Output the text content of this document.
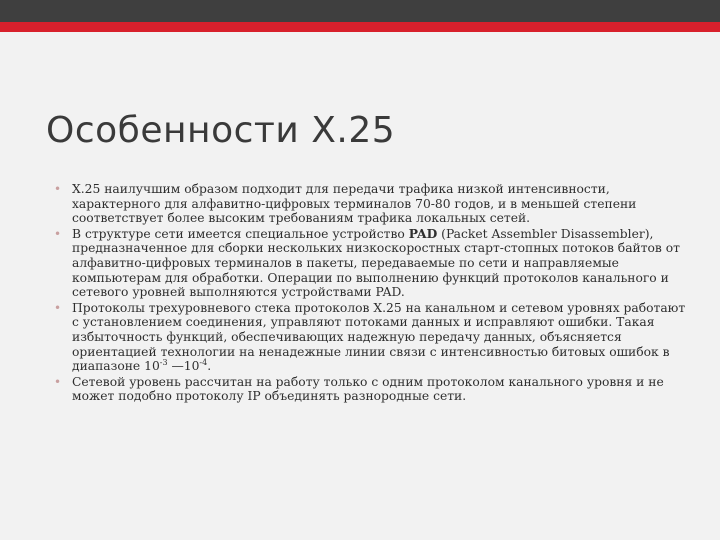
Особенности X.25
• X.25 наилучшим образом подходит для передачи трафика низкой интенсивности, характерного для алфавитно-цифровых терминалов 70-80 годов, и в меньшей степени соответствует более высоким требованиям трафика локальных сетей.
• В структуре сети имеется специальное устройство PAD (Packet Assembler Disassembler), предназначенное для сборки нескольких низкоскоростных старт-стопных потоков байтов от алфавитно-цифровых терминалов в пакеты, передаваемые по сети и направляемые компьютерам для обработки. Операции по выполнению функций протоколов канального и сетевого уровней выполняются устройствами PAD.
• Протоколы трехуровневого стека протоколов X.25 на канальном и сетевом уровнях работают с установлением соединения, управляют потоками данных и исправляют ошибки. Такая избыточность функций, обеспечивающих надежную передачу данных, объясняется ориентацией технологии на ненадежные линии связи с интенсивностью битовых ошибок в диапазоне $10^{-3}$ $—10^{-4}$.
• Сетевой уровень рассчитан на работу только с одним протоколом канального уровня и не может подобно протоколу IP объединять разнородные сети.
